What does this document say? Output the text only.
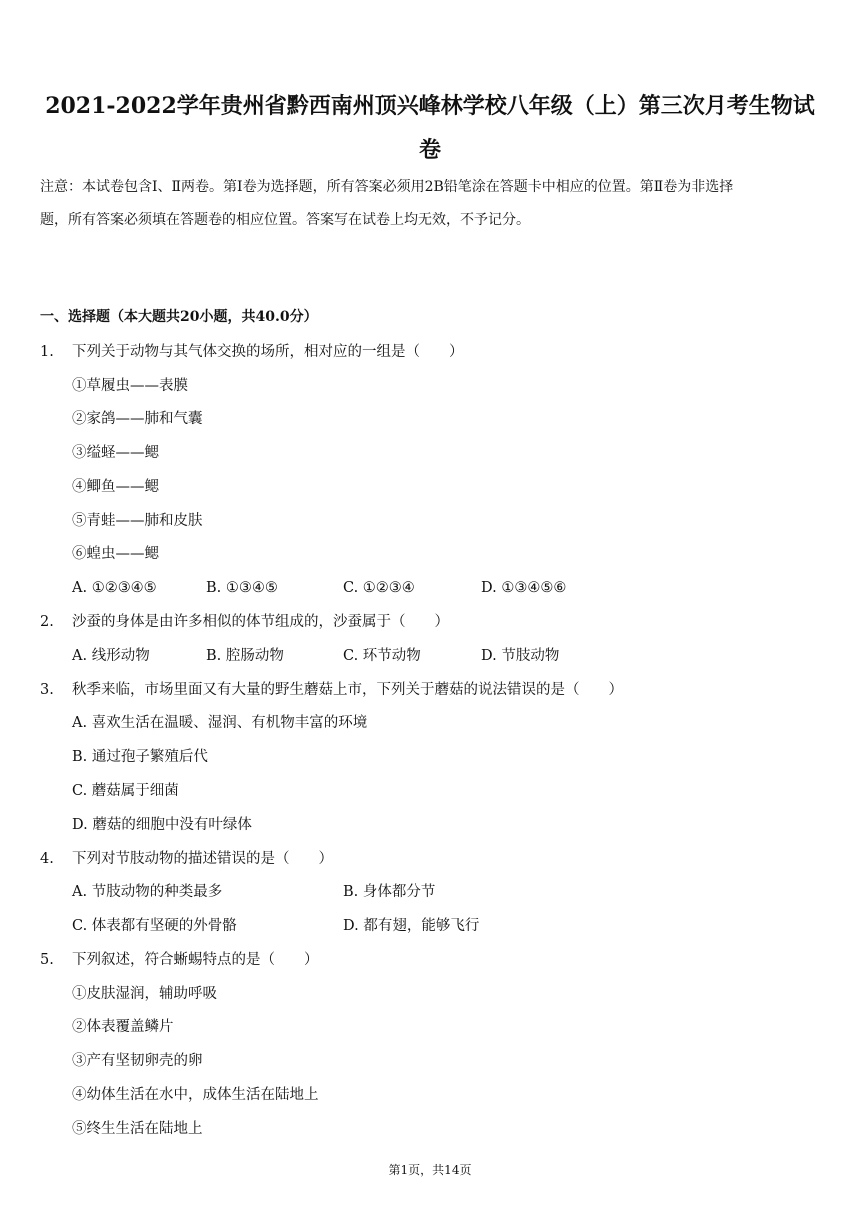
2021-2022学年贵州省黔西南州顶兴峰林学校八年级（上）第三次月考生物试
卷
注意：本试卷包含Ⅰ、Ⅱ两卷。第Ⅰ卷为选择题，所有答案必须用2B铅笔涂在答题卡中相应的位置。第Ⅱ卷为非选择
题，所有答案必须填在答题卷的相应位置。答案写在试卷上均无效，不予记分。
一、选择题（本大题共20小题，共40.0分）
1. 下列关于动物与其气体交换的场所，相对应的一组是（　　）
①草履虫——表膜
②家鸽——肺和气囊
③缢蛏——鳃
④鲫鱼——鳃
⑤青蛙——肺和皮肤
⑥蝗虫——鳃
A. ①②③④⑤	B. ①③④⑤	C. ①②③④	D. ①③④⑤⑥
2. 沙蚕的身体是由许多相似的体节组成的，沙蚕属于（　　）
A. 线形动物	B. 腔肠动物	C. 环节动物	D. 节肢动物
3. 秋季来临，市场里面又有大量的野生蘑菇上市，下列关于蘑菇的说法错误的是（　　）
A. 喜欢生活在温暖、湿润、有机物丰富的环境
B. 通过孢子繁殖后代
C. 蘑菇属于细菌
D. 蘑菇的细胞中没有叶绿体
4. 下列对节肢动物的描述错误的是（　　）
A. 节肢动物的种类最多	B. 身体都分节
C. 体表都有坚硬的外骨骼	D. 都有翅，能够飞行
5. 下列叙述，符合蜥蜴特点的是（　　）
①皮肤湿润，辅助呼吸
②体表覆盖鳞片
③产有坚韧卵壳的卵
④幼体生活在水中，成体生活在陆地上
⑤终生生活在陆地上
第1页，共14页
